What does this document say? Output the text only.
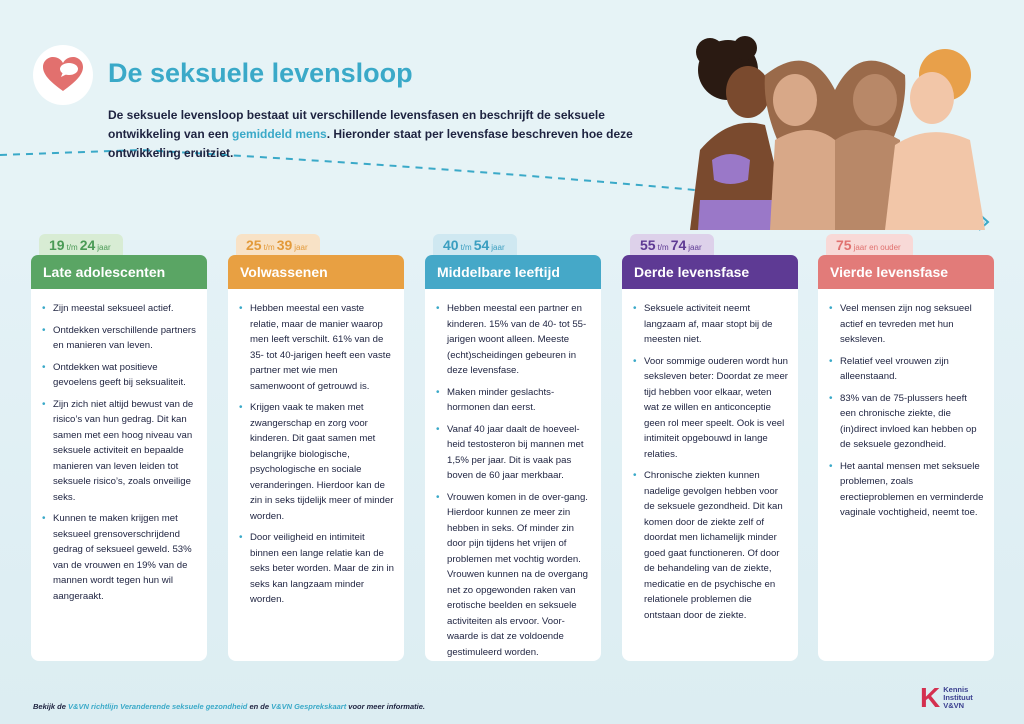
De seksuele levensloop
De seksuele levensloop bestaat uit verschillende levensfasen en beschrijft de seksuele ontwikkeling van een gemiddeld mens. Hieronder staat per levensfase beschreven hoe deze ontwikkeling eruitziet.
19 t/m 24 jaar
Late adolescenten
• Zijn meestal seksueel actief.
• Ontdekken verschillende partners en manieren van leven.
• Ontdekken wat positieve gevoelens geeft bij seksualiteit.
• Zijn zich niet altijd bewust van de risico’s van hun gedrag. Dit kan samen met een hoog niveau van seksuele activiteit en bepaalde manieren van leven leiden tot seksuele risico’s, zoals onveilige seks.
• Kunnen te maken krijgen met seksueel grensoverschrijdend gedrag of seksueel geweld. 53% van de vrouwen en 19% van de mannen wordt tegen hun wil aangeraakt.
25 t/m 39 jaar
Volwassenen
• Hebben meestal een vaste relatie, maar de manier waarop men leeft verschilt. 61% van de 35- tot 40-jarigen heeft een vaste partner met wie men samenwoont of getrouwd is.
• Krijgen vaak te maken met zwangerschap en zorg voor kinderen. Dit gaat samen met belangrijke biologische, psychologische en sociale veranderingen. Hierdoor kan de zin in seks tijdelijk meer of minder worden.
• Door veiligheid en intimiteit binnen een lange relatie kan de seks beter worden. Maar de zin in seks kan langzaam minder worden.
40 t/m 54 jaar
Middelbare leeftijd
• Hebben meestal een partner en kinderen. 15% van de 40- tot 55-jarigen woont alleen. Meeste (echt)scheidingen gebeuren in deze levensfase.
• Maken minder geslachts-hormonen dan eerst.
• Vanaf 40 jaar daalt de hoeveel-heid testosteron bij mannen met 1,5% per jaar. Dit is vaak pas boven de 60 jaar merkbaar.
• Vrouwen komen in de over-gang. Hierdoor kunnen ze meer zin hebben in seks. Of minder zin door pijn tijdens het vrijen of problemen met vochtig worden. Vrouwen kunnen na de overgang net zo opgewonden raken van erotische beelden en seksuele activiteiten als ervoor. Voor-waarde is dat ze voldoende gestimuleerd worden.
55 t/m 74 jaar
Derde levensfase
• Seksuele activiteit neemt langzaam af, maar stopt bij de meesten niet.
• Voor sommige ouderen wordt hun seksleven beter: Doordat ze meer tijd hebben voor elkaar, weten wat ze willen en anticonceptie geen rol meer speelt. Ook is veel intimiteit opgebouwd in lange relaties.
• Chronische ziekten kunnen nadelige gevolgen hebben voor de seksuele gezondheid. Dit kan komen door de ziekte zelf of doordat men lichamelijk minder goed gaat functioneren. Of door de behandeling van de ziekte, medicatie en de psychische en relationele problemen die ontstaan door de ziekte.
75 jaar en ouder
Vierde levensfase
• Veel mensen zijn nog seksueel actief en tevreden met hun seksleven.
• Relatief veel vrouwen zijn alleenstaand.
• 83% van de 75-plussers heeft een chronische ziekte, die (in)direct invloed kan hebben op de seksuele gezondheid.
• Het aantal mensen met seksuele problemen, zoals erectieproblemen en verminderde vaginale vochtigheid, neemt toe.
Bekijk de V&VN richtlijn Veranderende seksuele gezondheid en de V&VN Gesprekskaart voor meer informatie.	K Kennis
Instituut
V&VN
